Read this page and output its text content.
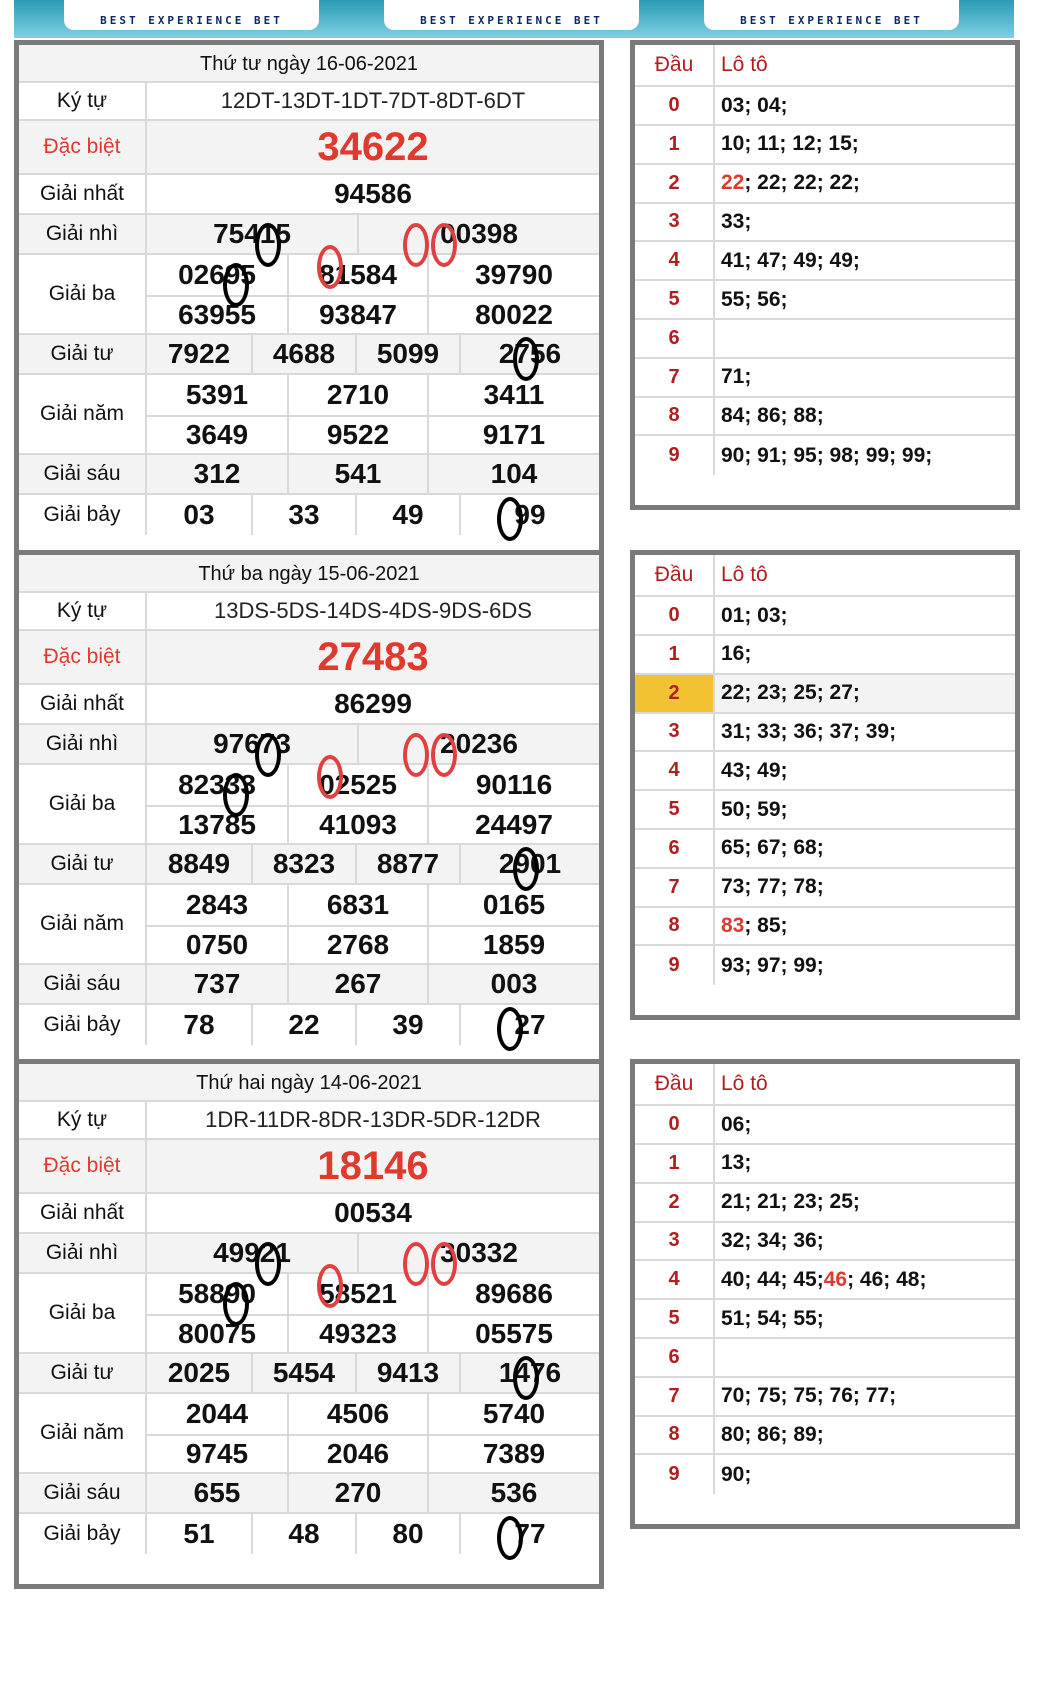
BEST EXPERIENCE BET	BEST EXPERIENCE BET	BEST EXPERIENCE BET
Thứ tư ngày 16-06-2021
Ký tự	12DT-13DT-1DT-7DT-8DT-6DT
Đặc biệt	34622
Giải nhất	94586
Giải nhì	75415	00398
Giải ba
02695	81584	39790
63955	93847	80022
Giải tư	7922	4688	5099	2756
Giải năm
5391	2710	3411
3649	9522	9171
Giải sáu	312	541	104
Giải bảy	03	33	49	99
Đầu	Lô tô
0	03; 04;
1	10; 11; 12; 15;
2	22 ; 22; 22; 22;
3	33;
4	41; 47; 49; 49;
5	55; 56;
6
7	71;
8	84; 86; 88;
9	90; 91; 95; 98; 99; 99;
Thứ ba ngày 15-06-2021
Ký tự	13DS-5DS-14DS-4DS-9DS-6DS
Đặc biệt	27483
Giải nhất	86299
Giải nhì	97673	20236
Giải ba
82333	02525	90116
13785	41093	24497
Giải tư	8849	8323	8877	2901
Giải năm
2843	6831	0165
0750	2768	1859
Giải sáu	737	267	003
Giải bảy	78	22	39	27
Đầu	Lô tô
0	01; 03;
1	16;
2	22; 23; 25; 27;
3	31; 33; 36; 37; 39;
4	43; 49;
5	50; 59;
6	65; 67; 68;
7	73; 77; 78;
8	83 ; 85;
9	93; 97; 99;
Thứ hai ngày 14-06-2021
Ký tự	1DR-11DR-8DR-13DR-5DR-12DR
Đặc biệt	18146
Giải nhất	00534
Giải nhì	49921	30332
Giải ba
58890	58521	89686
80075	49323	05575
Giải tư	2025	5454	9413	1476
Giải năm
2044	4506	5740
9745	2046	7389
Giải sáu	655	270	536
Giải bảy	51	48	80	77
Đầu	Lô tô
0	06;
1	13;
2	21; 21; 23; 25;
3	32; 34; 36;
4	40; 44; 45; 46 ; 46; 48;
5	51; 54; 55;
6
7	70; 75; 75; 76; 77;
8	80; 86; 89;
9	90;
